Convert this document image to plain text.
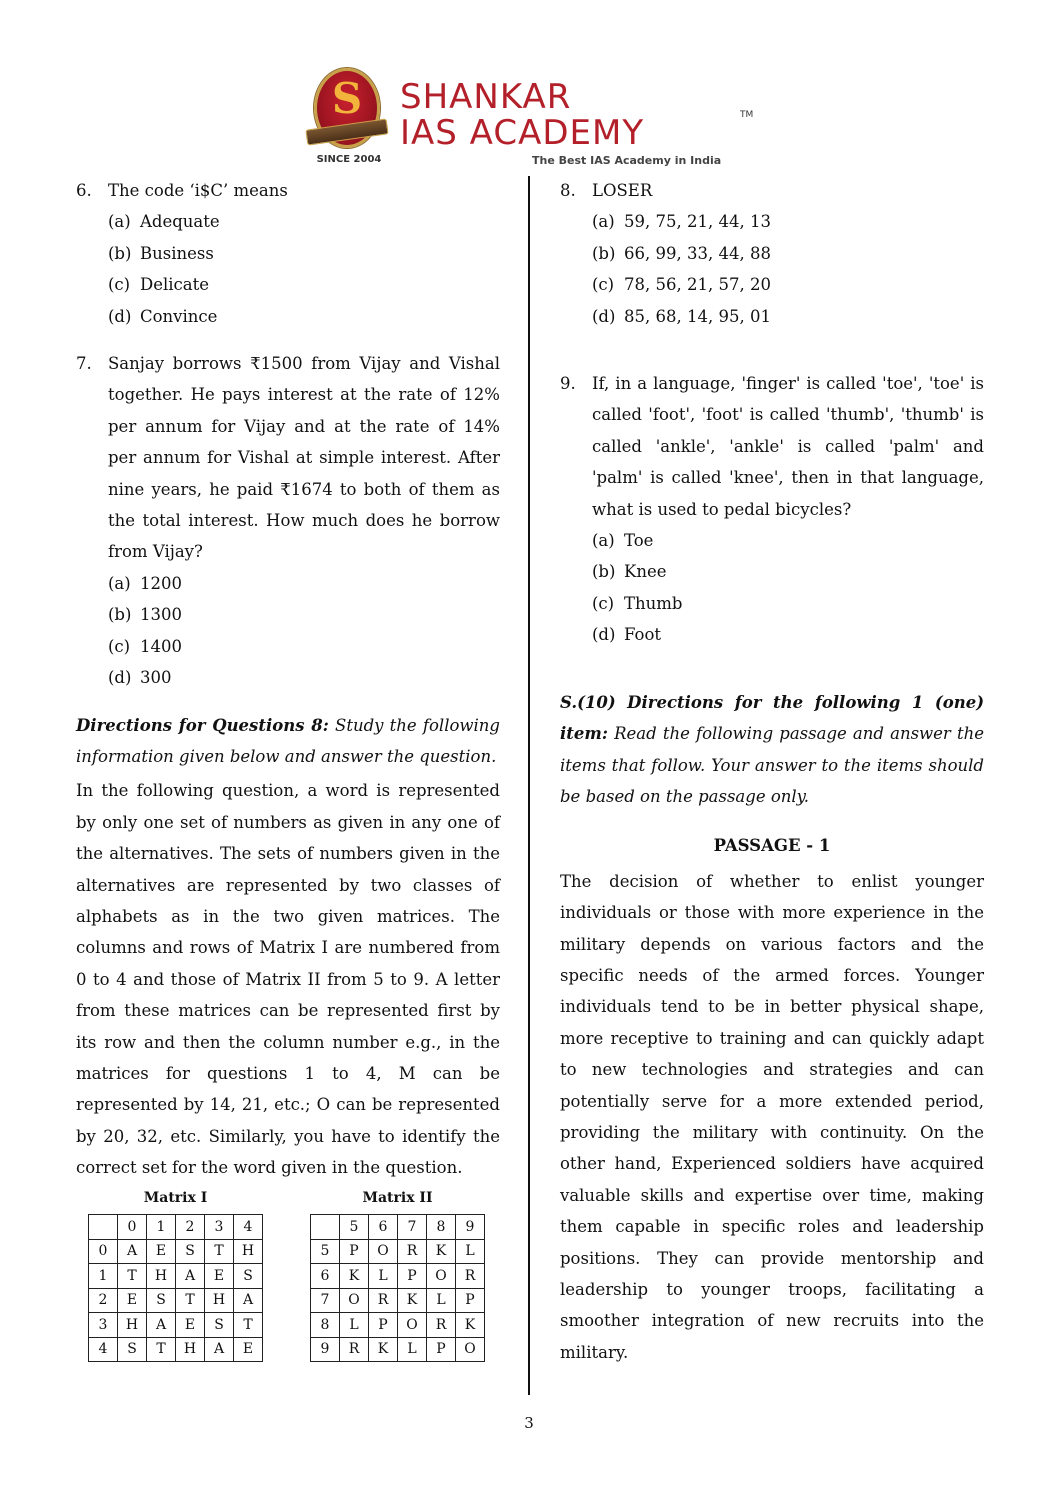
S
SINCE 2004
SHANKAR
IAS ACADEMY	TM
The Best IAS Academy in India
6. The code ‘i$C’ means
(a) Adequate
(b) Business
(c) Delicate
(d) Convince
7. Sanjay borrows ₹1500 from Vijay and Vishal together. He pays interest at the rate of 12% per annum for Vijay and at the rate of 14% per annum for Vishal at simple interest. After nine years, he paid ₹1674 to both of them as the total interest. How much does he borrow from Vijay?
(a) 1200
(b) 1300
(c) 1400
(d) 300
Directions for Questions 8: Study the following information given below and answer the question.
In the following question, a word is represented by only one set of numbers as given in any one of the alternatives. The sets of numbers given in the alternatives are represented by two classes of alphabets as in the two given matrices. The columns and rows of Matrix I are numbered from 0 to 4 and those of Matrix II from 5 to 9. A letter from these matrices can be represented first by its row and then the column number e.g., in the matrices for questions 1 to 4, M can be represented by 14, 21, etc.; O can be represented by 20, 32, etc. Similarly, you have to identify the correct set for the word given in the question.
Matrix I
	0	1	2	3	4
0	A	E	S	T	H
1	T	H	A	E	S
2	E	S	T	H	A
3	H	A	E	S	T
4	S	T	H	A	E
Matrix II
	5	6	7	8	9
5	P	O	R	K	L
6	K	L	P	O	R
7	O	R	K	L	P
8	L	P	O	R	K
9	R	K	L	P	O
8. LOSER
(a) 59, 75, 21, 44, 13
(b) 66, 99, 33, 44, 88
(c) 78, 56, 21, 57, 20
(d) 85, 68, 14, 95, 01
9. If, in a language, 'finger' is called 'toe', 'toe' is called 'foot', 'foot' is called 'thumb', 'thumb' is called 'ankle', 'ankle' is called 'palm' and 'palm' is called 'knee', then in that language, what is used to pedal bicycles?
(a) Toe
(b) Knee
(c) Thumb
(d) Foot
S.(10) Directions for the following 1 (one) item: Read the following passage and answer the items that follow. Your answer to the items should be based on the passage only.
PASSAGE - 1
The decision of whether to enlist younger individuals or those with more experience in the military depends on various factors and the specific needs of the armed forces. Younger individuals tend to be in better physical shape, more receptive to training and can quickly adapt to new technologies and strategies and can potentially serve for a more extended period, providing the military with continuity. On the other hand, Experienced soldiers have acquired valuable skills and expertise over time, making them capable in specific roles and leadership positions. They can provide mentorship and leadership to younger troops, facilitating a smoother integration of new recruits into the military.
3
